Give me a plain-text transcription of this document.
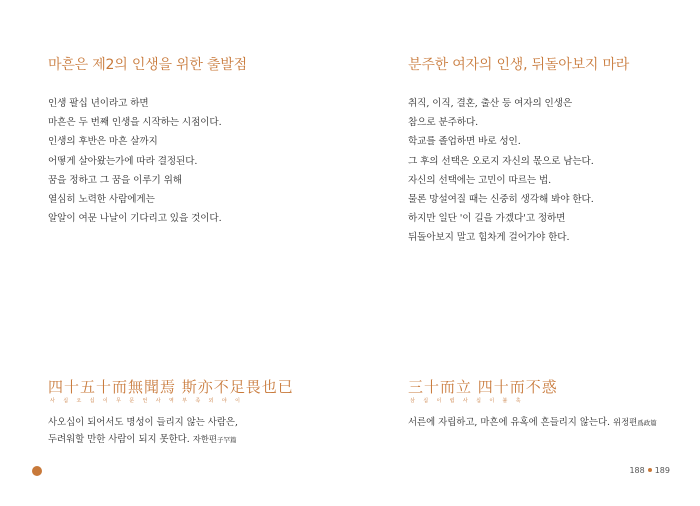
마흔은 제2의 인생을 위한 출발점
인생 팔십 년이라고 하면
마흔은 두 번째 인생을 시작하는 시점이다.
인생의 후반은 마흔 살까지
어떻게 살아왔는가에 따라 결정된다.
꿈을 정하고 그 꿈을 이루기 위해
열심히 노력한 사람에게는
알알이 여문 나날이 기다리고 있을 것이다.
四十五十而無聞焉 斯亦不足畏也已
사 십 오 십 이 무 문 언 사 역 부 족 외 야 이
사오십이 되어서도 명성이 들리지 않는 사람은,
두려워할 만한 사람이 되지 못한다. 자한편子罕篇
분주한 여자의 인생, 뒤돌아보지 마라
취직, 이직, 결혼, 출산 등 여자의 인생은
참으로 분주하다.
학교를 졸업하면 바로 성인.
그 후의 선택은 오로지 자신의 몫으로 남는다.
자신의 선택에는 고민이 따르는 법.
물론 망설여질 때는 신중히 생각해 봐야 한다.
하지만 일단 '이 길을 가겠다'고 정하면
뒤돌아보지 말고 힘차게 걸어가야 한다.
三十而立 四十而不惑
삼 십 이 립 사 십 이 불 혹
서른에 자립하고, 마흔에 유혹에 흔들리지 않는다. 위정편爲政篇
188 189
